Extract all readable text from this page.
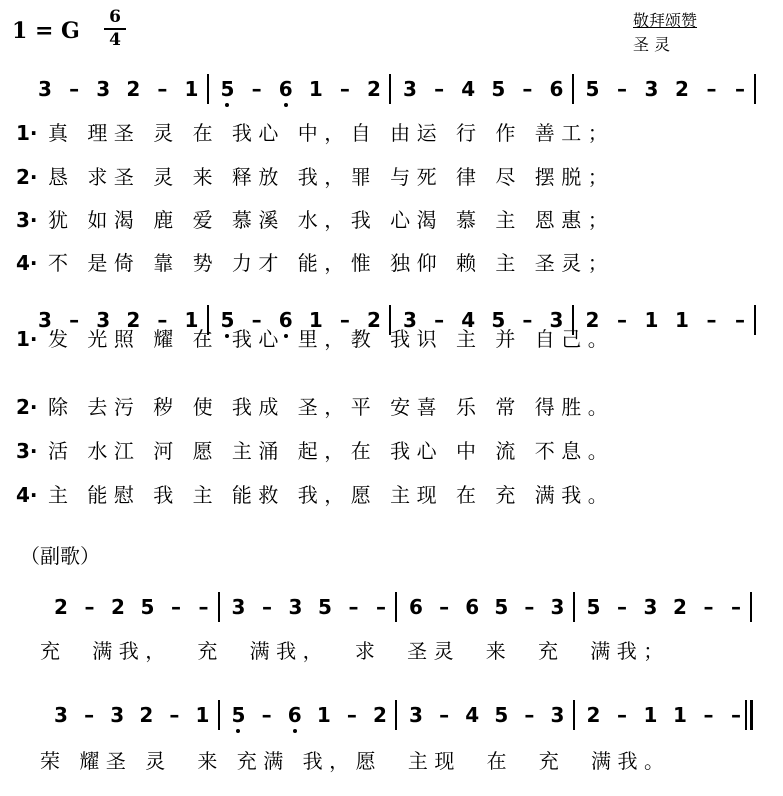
1 = G
6
4
敬拜颂赞
圣 灵
3 – 3 2 – 1 5 – 6 1 – 2 3 – 4 5 – 6 5 – 3 2 – –
1· 真 理圣 灵 在 我心 中，自 由运 行 作 善工；
2· 恳 求圣 灵 来 释放 我，罪 与死 律 尽 摆脱；
3· 犹 如渴 鹿 爱 慕溪 水，我 心渴 慕 主 恩惠；
4· 不 是倚 靠 势 力才 能，惟 独仰 赖 主 圣灵；
3 – 3 2 – 1 5 – 6 1 – 2 3 – 4 5 – 3 2 – 1 1 – –
1· 发 光照 耀 在 我心 里，教 我识 主 并 自己。
2· 除 去污 秽 使 我成 圣，平 安喜 乐 常 得胜。
3· 活 水江 河 愿 主涌 起，在 我心 中 流 不息。
4· 主 能慰 我 主 能救 我，愿 主现 在 充 满我。
（副歌）
2 – 2 5 – – 3 – 3 5 – – 6 – 6 5 – 3 5 – 3 2 – –
充  满我，  充  满我，  求  圣灵  来  充  满我；
3 – 3 2 – 1 5 – 6 1 – 2 3 – 4 5 – 3 2 – 1 1 – –
荣 耀圣 灵  来 充满 我，愿  主现  在  充  满我。
